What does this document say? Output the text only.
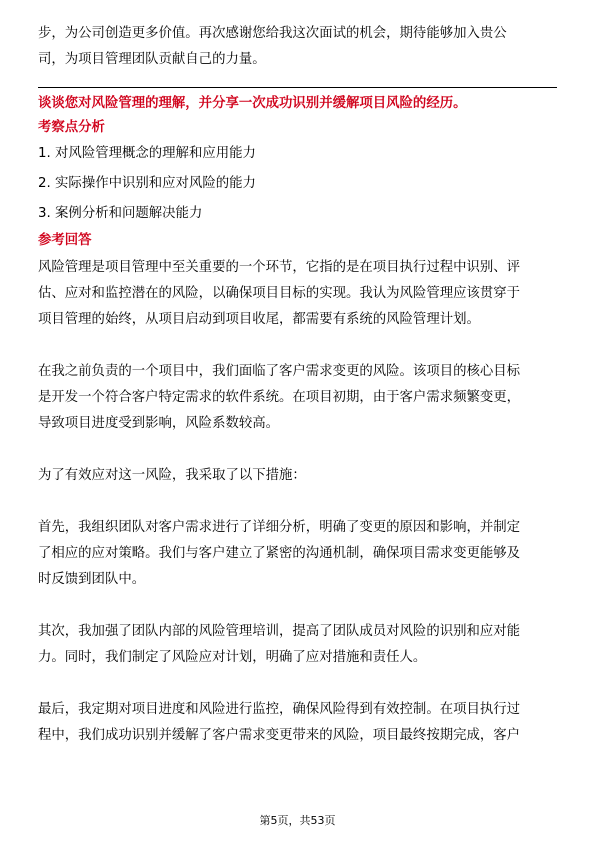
步，为公司创造更多价值。再次感谢您给我这次面试的机会，期待能够加入贵公

司，为项目管理团队贡献自己的力量。

谈谈您对风险管理的理解，并分享一次成功识别并缓解项目风险的经历。

考察点分析

1. 对风险管理概念的理解和应用能力

2. 实际操作中识别和应对风险的能力

3. 案例分析和问题解决能力

参考回答

风险管理是项目管理中至关重要的一个环节，它指的是在项目执行过程中识别、评

估、应对和监控潜在的风险，以确保项目目标的实现。我认为风险管理应该贯穿于

项目管理的始终，从项目启动到项目收尾，都需要有系统的风险管理计划。

在我之前负责的一个项目中，我们面临了客户需求变更的风险。该项目的核心目标

是开发一个符合客户特定需求的软件系统。在项目初期，由于客户需求频繁变更，

导致项目进度受到影响，风险系数较高。

为了有效应对这一风险，我采取了以下措施：

首先，我组织团队对客户需求进行了详细分析，明确了变更的原因和影响，并制定

了相应的应对策略。我们与客户建立了紧密的沟通机制，确保项目需求变更能够及

时反馈到团队中。

其次，我加强了团队内部的风险管理培训，提高了团队成员对风险的识别和应对能

力。同时，我们制定了风险应对计划，明确了应对措施和责任人。

最后，我定期对项目进度和风险进行监控，确保风险得到有效控制。在项目执行过

程中，我们成功识别并缓解了客户需求变更带来的风险，项目最终按期完成，客户

第5页，共53页
